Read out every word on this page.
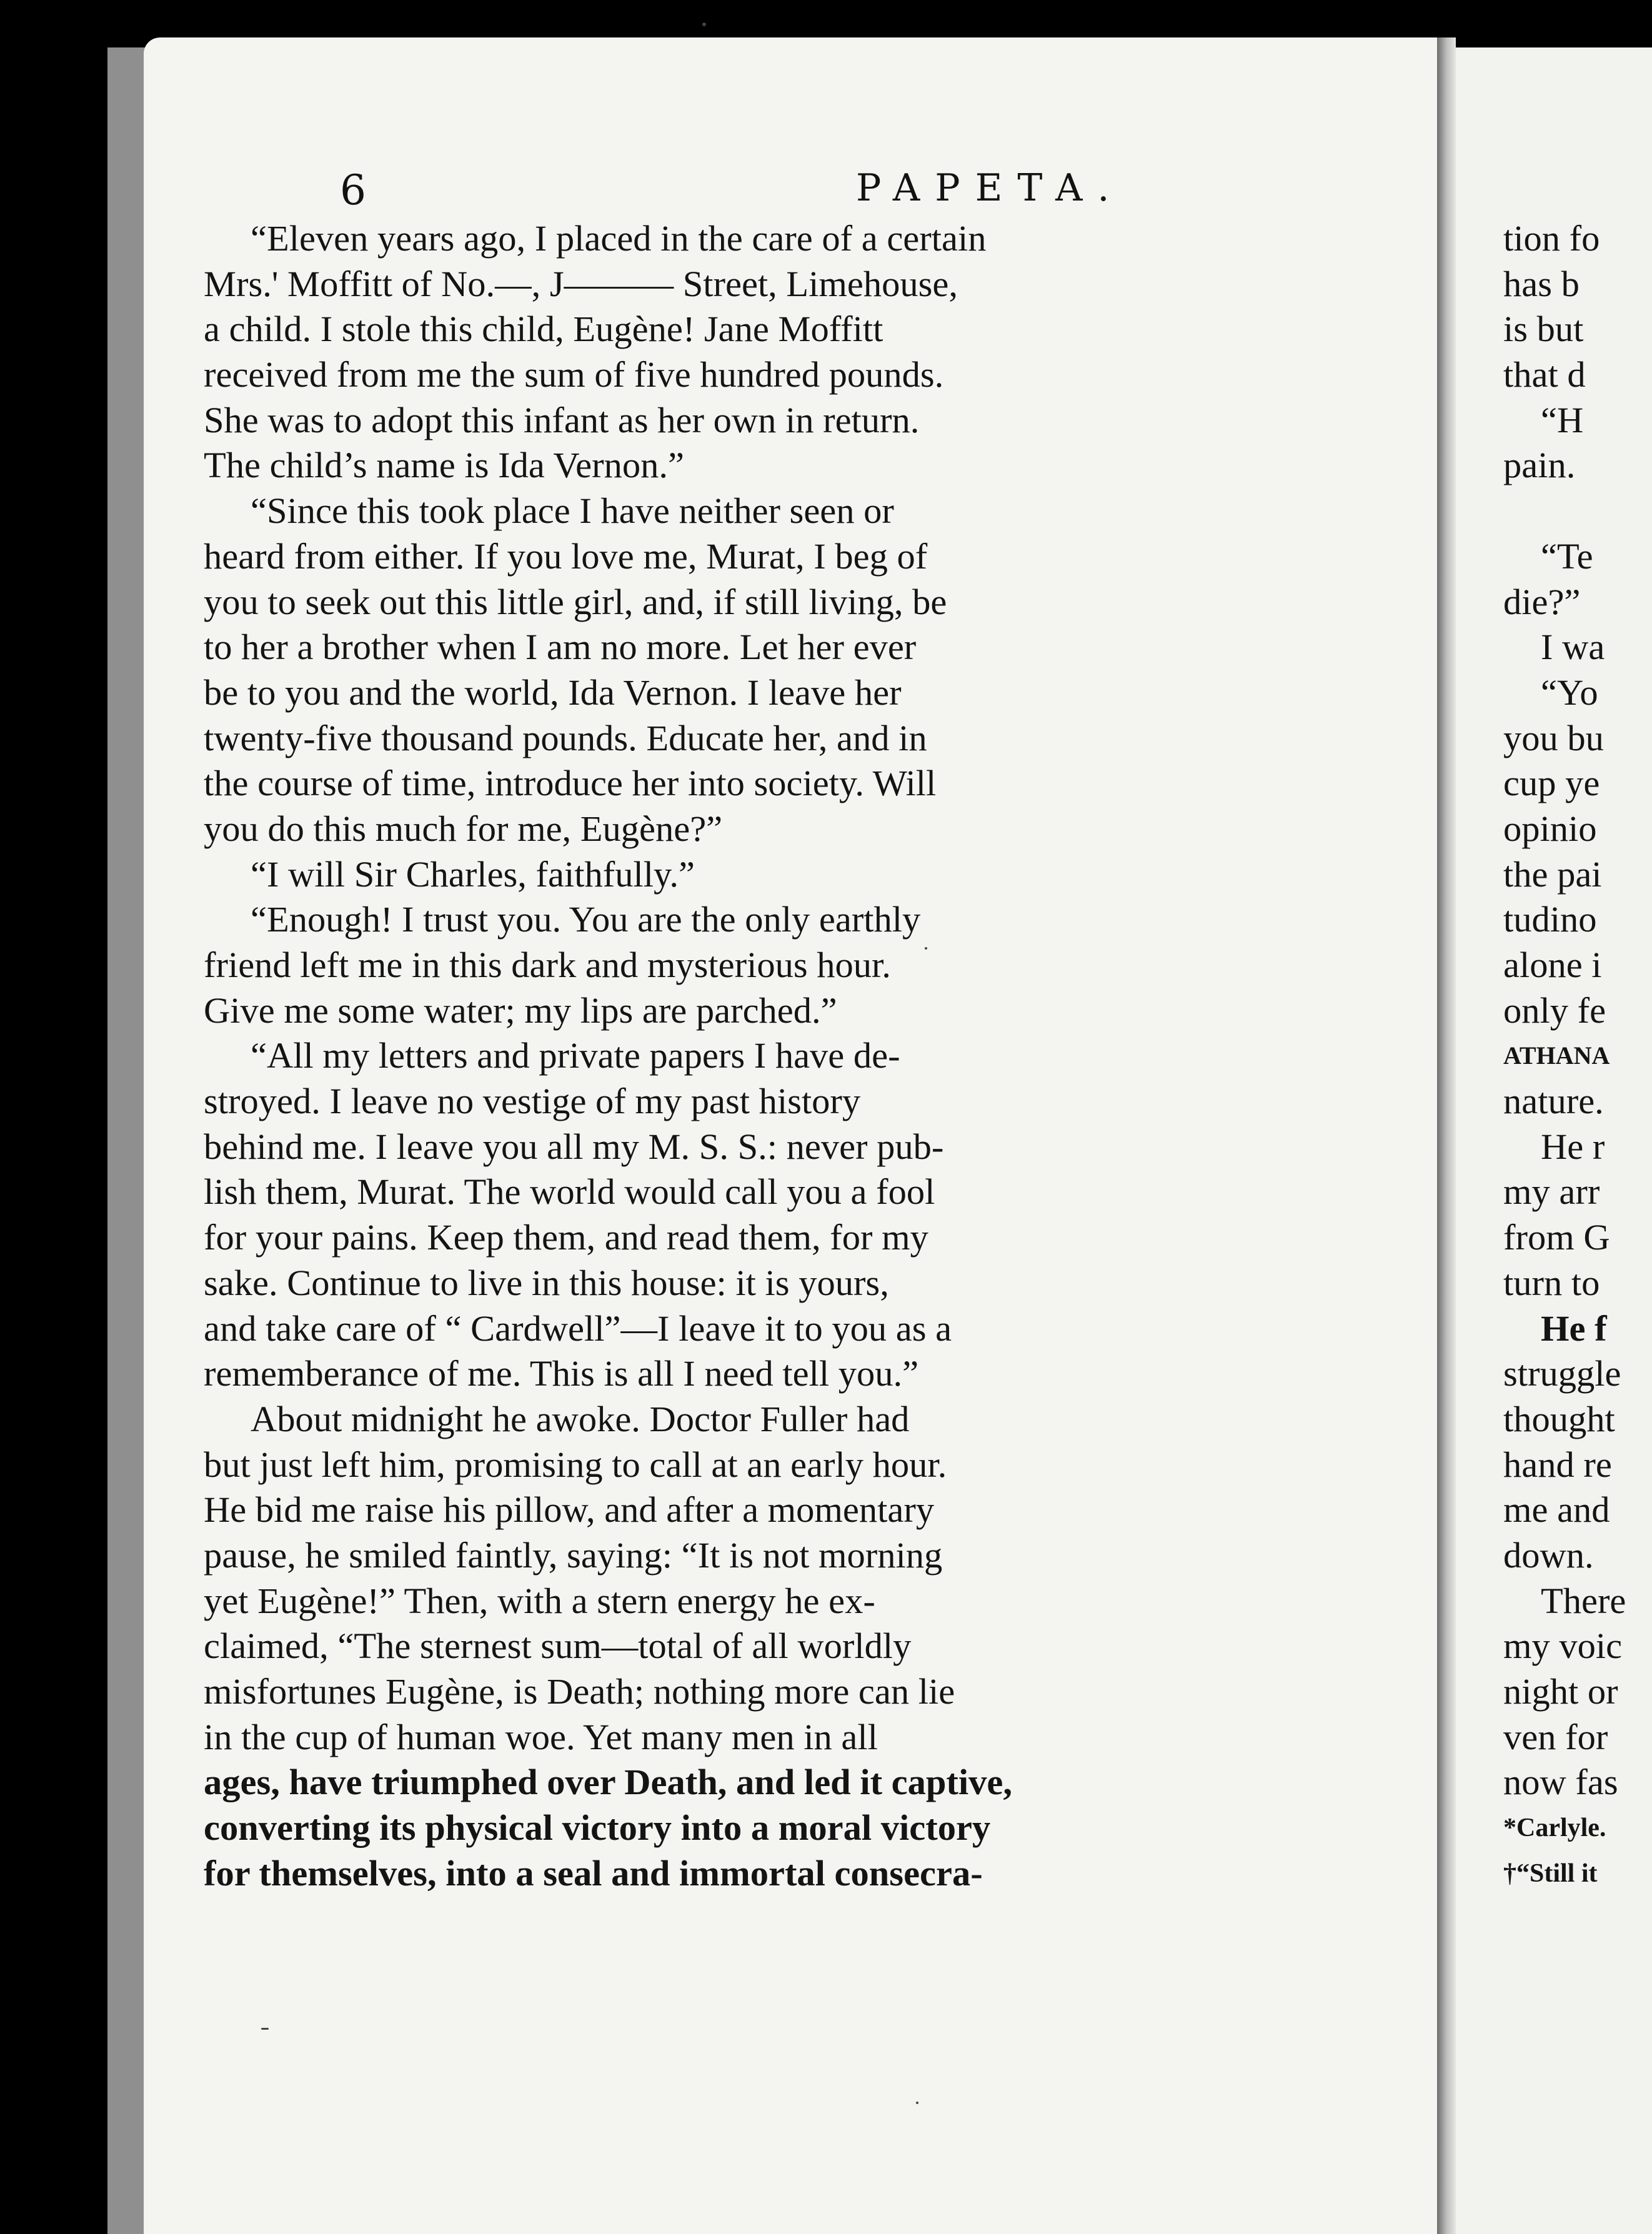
6	PAPETA.
“Eleven years ago, I placed in the care of a certain
Mrs.' Moffitt of No.—, J——— Street, Limehouse,
a child. I stole this child, Eugène! Jane Moffitt
received from me the sum of five hundred pounds.
She was to adopt this infant as her own in return.
The child’s name is Ida Vernon.”
“Since this took place I have neither seen or
heard from either. If you love me, Murat, I beg of
you to seek out this little girl, and, if still living, be
to her a brother when I am no more. Let her ever
be to you and the world, Ida Vernon. I leave her
twenty-five thousand pounds. Educate her, and in
the course of time, introduce her into society. Will
you do this much for me, Eugène?”
“I will Sir Charles, faithfully.”
“Enough! I trust you. You are the only earthly
friend left me in this dark and mysterious hour.
Give me some water; my lips are parched.”
“All my letters and private papers I have de-
stroyed. I leave no vestige of my past history
behind me. I leave you all my M. S. S.: never pub-
lish them, Murat. The world would call you a fool
for your pains. Keep them, and read them, for my
sake. Continue to live in this house: it is yours,
and take care of “ Cardwell”—I leave it to you as a
rememberance of me. This is all I need tell you.”
About midnight he awoke. Doctor Fuller had
but just left him, promising to call at an early hour.
He bid me raise his pillow, and after a momentary
pause, he smiled faintly, saying: “It is not morning
yet Eugène!” Then, with a stern energy he ex-
claimed, “The sternest sum—total of all worldly
misfortunes Eugène, is Death; nothing more can lie
in the cup of human woe. Yet many men in all
ages, have triumphed over Death, and led it captive,
converting its physical victory into a moral victory
for themselves, into a seal and immortal consecra-
tion fo
has b
is but
that d
“H
pain.
“Te
die?”
I wa
“Yo
you bu
cup ye
opinio
the pai
tudino
alone i
only fe
ATHANA
nature.
He r
my arr
from G
turn to
He f
struggle
thought
hand re
me and
down.
There
my voic
night or
ven for
now fas
*Carlyle.
†“Still it
